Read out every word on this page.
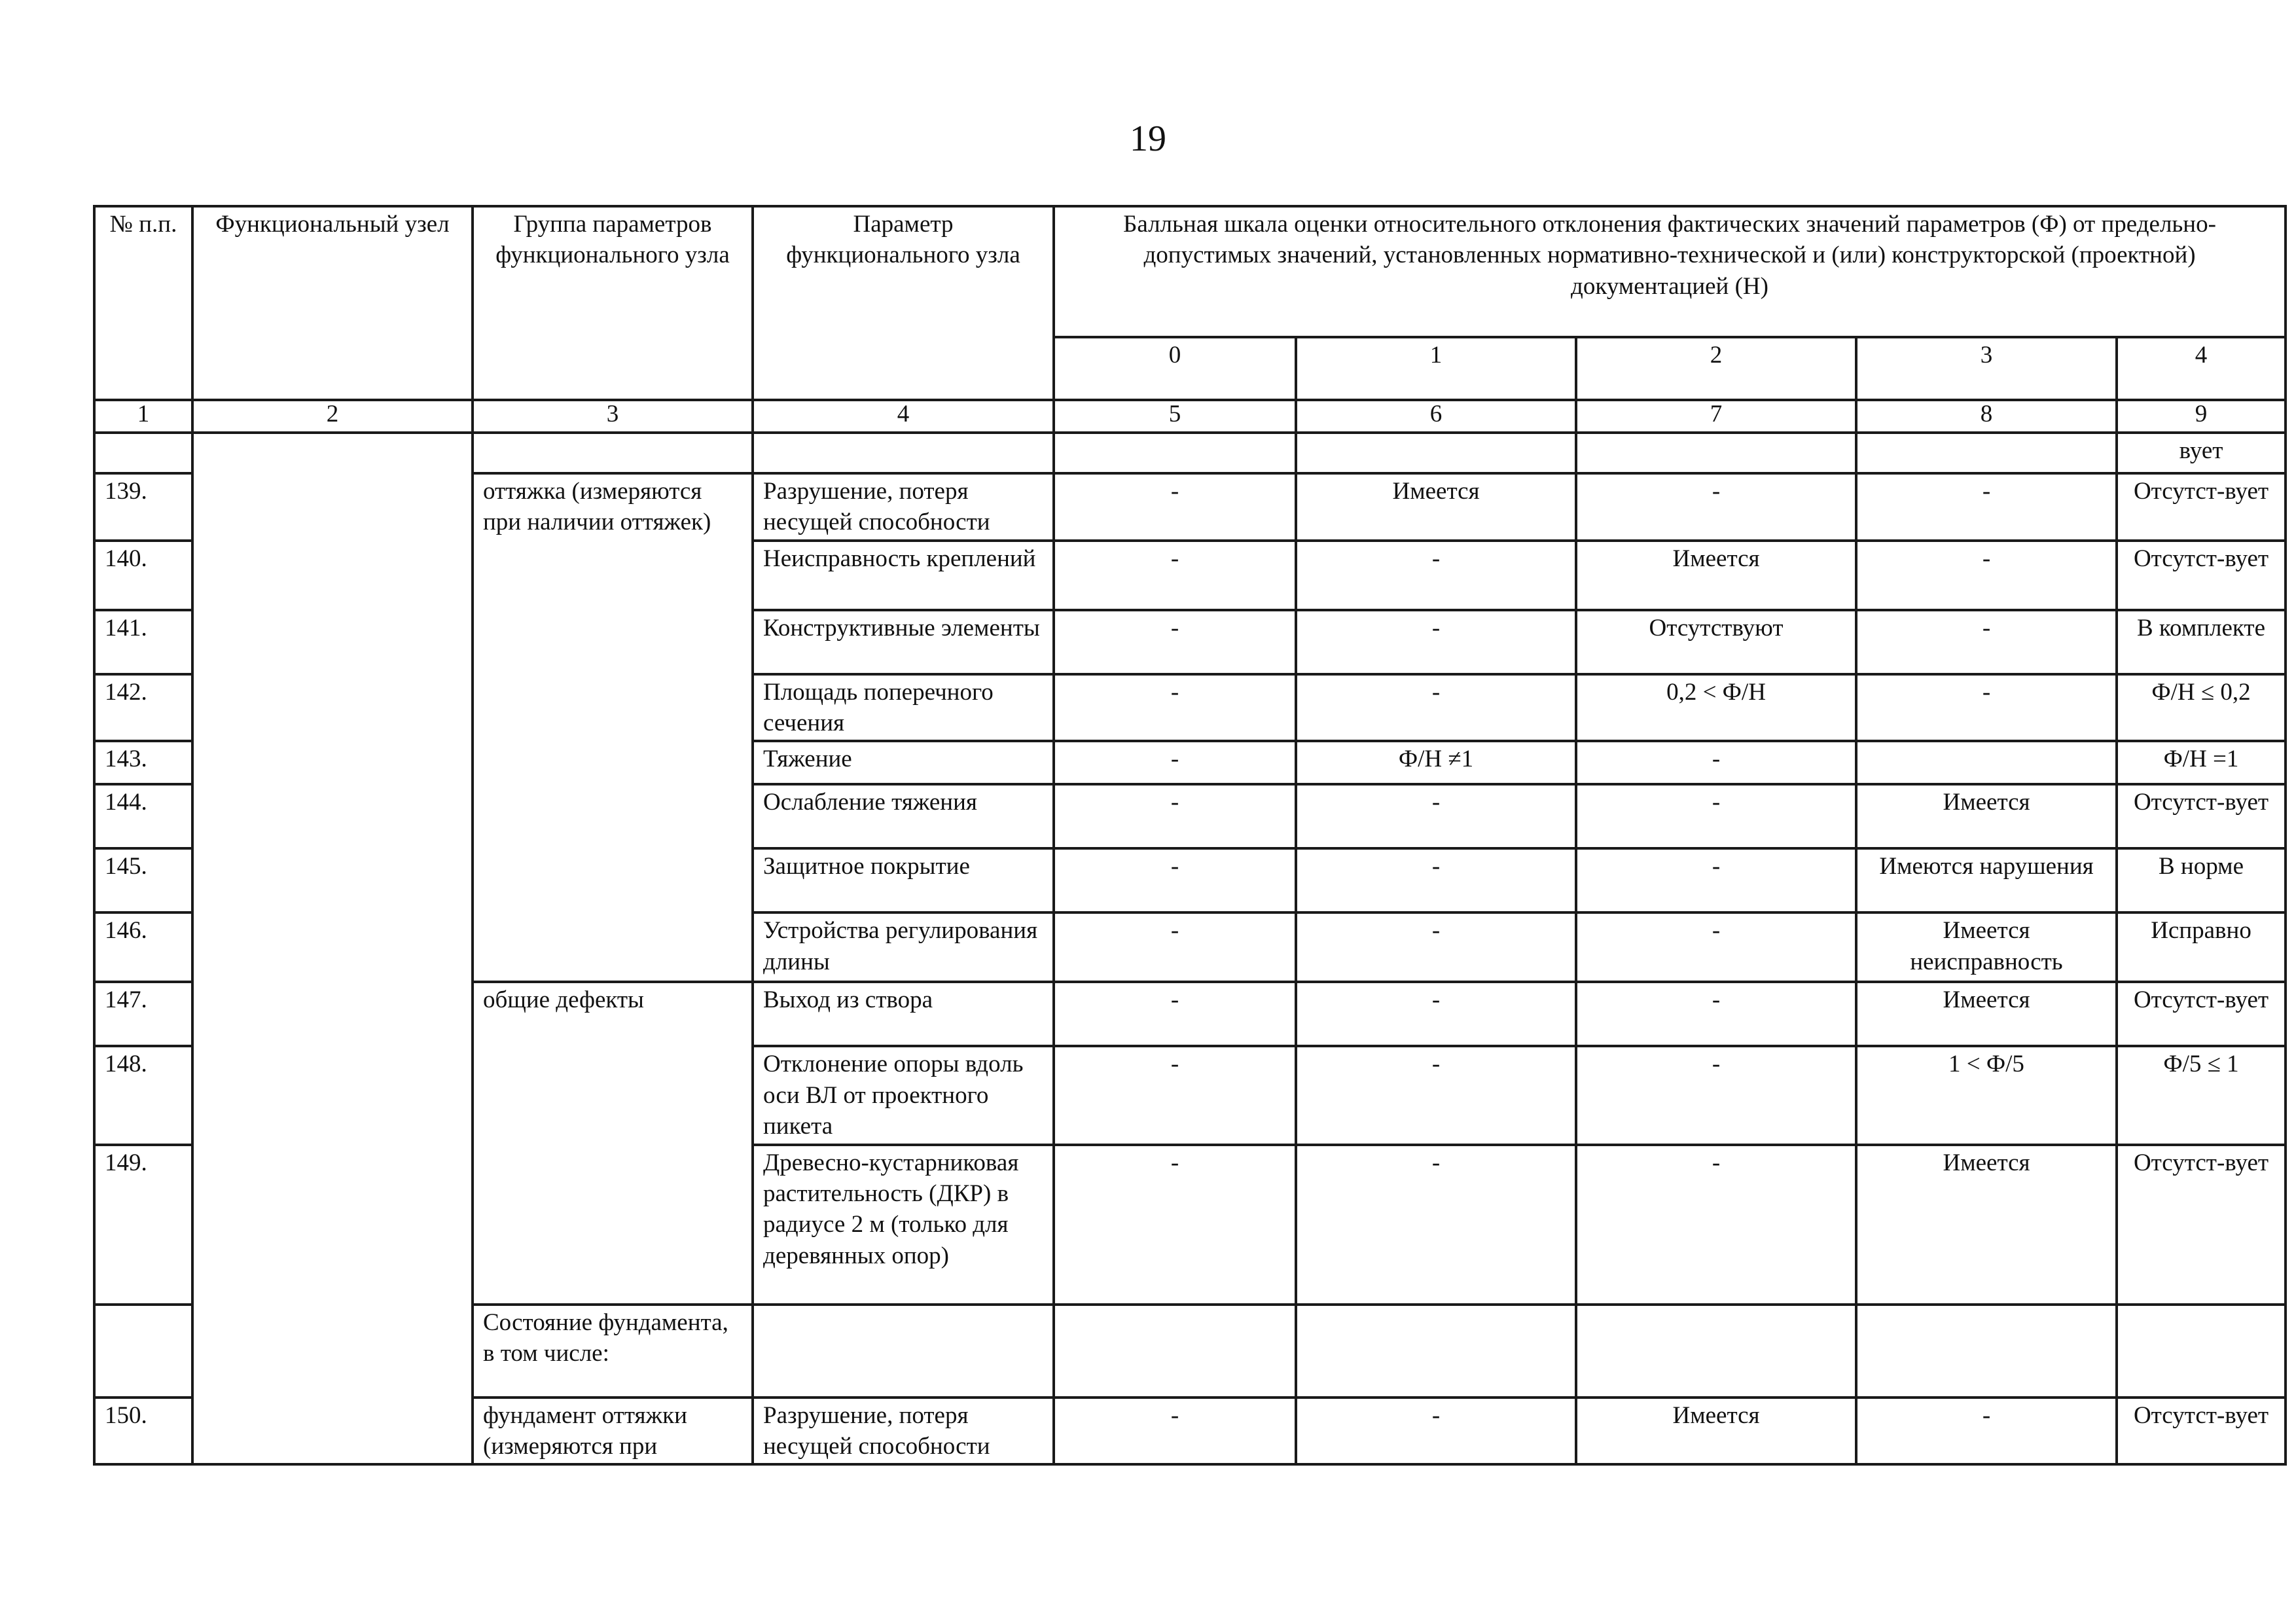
19
№ п.п.	Функциональный узел	Группа параметров функционального узла	Параметр функционального узла	Балльная шкала оценки относительного отклонения фактических значений параметров (Ф) от предельно-допустимых значений, установленных нормативно-технической и (или) конструкторской (проектной) документацией (Н)				
				0	1	2	3	4
1	2	3	4	5	6	7	8	9
								вует
139.		оттяжка (измеряются при наличии оттяжек)	Разрушение, потеря несущей способности	-	Имеется	-	-	Отсутст-вует
140.			Неисправность креплений	-	-	Имеется	-	Отсутст-вует
141.			Конструктивные элементы	-	-	Отсутствуют	-	В комплекте
142.			Площадь поперечного сечения	-	-	0,2 < Ф/Н	-	Ф/Н ≤ 0,2
143.			Тяжение	-	Ф/Н ≠1	-		Ф/Н =1
144.			Ослабление тяжения	-	-	-	Имеется	Отсутст-вует
145.			Защитное покрытие	-	-	-	Имеются нарушения	В норме
146.			Устройства регулирования длины	-	-	-	Имеется неисправность	Исправно
147.		общие дефекты	Выход из створа	-	-	-	Имеется	Отсутст-вует
148.			Отклонение опоры вдоль оси ВЛ от проектного пикета	-	-	-	1 < Ф/5	Ф/5 ≤ 1
149.			Древесно-кустарниковая растительность (ДКР) в радиусе 2 м (только для деревянных опор)	-	-	-	Имеется	Отсутст-вует
		Состояние фундамента, в том числе:						
150.		фундамент оттяжки (измеряются при	Разрушение, потеря несущей способности	-	-	Имеется	-	Отсутст-вует
